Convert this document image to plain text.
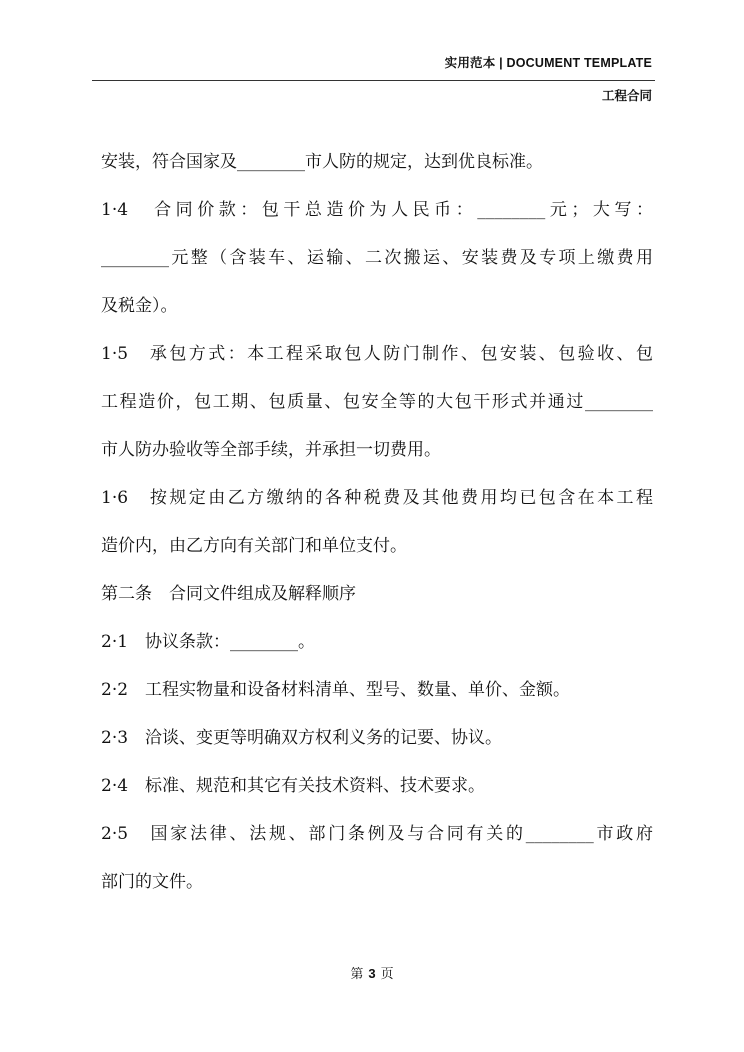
实用范本 | DOCUMENT TEMPLATE
工程合同

安装，符合国家及________市人防的规定，达到优良标准。

1·4　合同价款：包干总造价为人民币：________元；大写：

________元整（含装车、运输、二次搬运、安装费及专项上缴费用

及税金）。

1·5　承包方式：本工程采取包人防门制作、包安装、包验收、包

工程造价，包工期、包质量、包安全等的大包干形式并通过________

市人防办验收等全部手续，并承担一切费用。

1·6　按规定由乙方缴纳的各种税费及其他费用均已包含在本工程

造价内，由乙方向有关部门和单位支付。

第二条　合同文件组成及解释顺序

2·1　协议条款：________。

2·2　工程实物量和设备材料清单、型号、数量、单价、金额。

2·3　洽谈、变更等明确双方权利义务的记要、协议。

2·4　标准、规范和其它有关技术资料、技术要求。

2·5　国家法律、法规、部门条例及与合同有关的________市政府

部门的文件。

第 3 页
